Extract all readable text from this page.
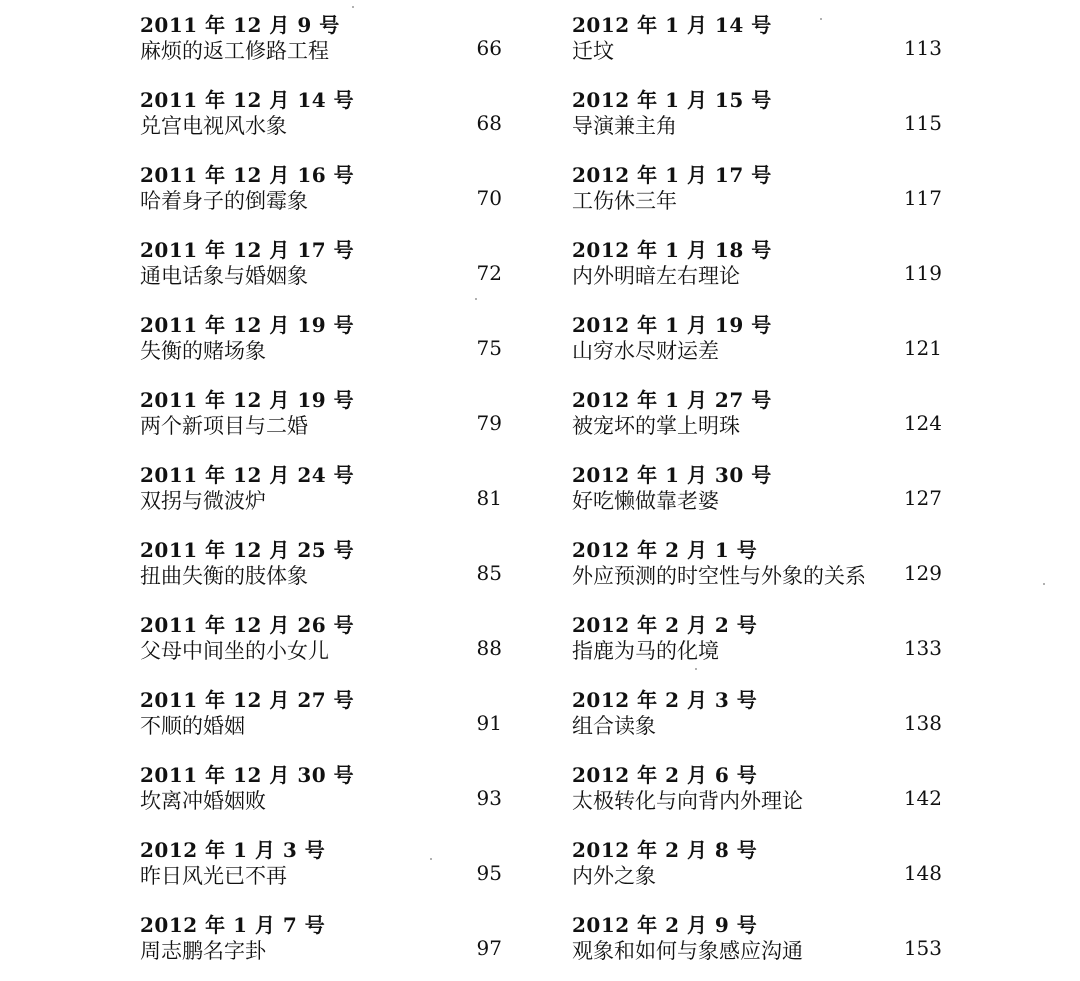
2011 年 12 月 9 号
麻烦的返工修路工程	66
2011 年 12 月 14 号
兑宫电视风水象	68
2011 年 12 月 16 号
哈着身子的倒霉象	70
2011 年 12 月 17 号
通电话象与婚姻象	72
2011 年 12 月 19 号
失衡的赌场象	75
2011 年 12 月 19 号
两个新项目与二婚	79
2011 年 12 月 24 号
双拐与微波炉	81
2011 年 12 月 25 号
扭曲失衡的肢体象	85
2011 年 12 月 26 号
父母中间坐的小女儿	88
2011 年 12 月 27 号
不顺的婚姻	91
2011 年 12 月 30 号
坎离冲婚姻败	93
2012 年 1 月 3 号
昨日风光已不再	95
2012 年 1 月 7 号
周志鹏名字卦	97
2012 年 1 月 14 号
迁坟	113
2012 年 1 月 15 号
导演兼主角	115
2012 年 1 月 17 号
工伤休三年	117
2012 年 1 月 18 号
内外明暗左右理论	119
2012 年 1 月 19 号
山穷水尽财运差	121
2012 年 1 月 27 号
被宠坏的掌上明珠	124
2012 年 1 月 30 号
好吃懒做靠老婆	127
2012 年 2 月 1 号
外应预测的时空性与外象的关系 129
2012 年 2 月 2 号
指鹿为马的化境	133
2012 年 2 月 3 号
组合读象	138
2012 年 2 月 6 号
太极转化与向背内外理论	142
2012 年 2 月 8 号
内外之象	148
2012 年 2 月 9 号
观象和如何与象感应沟通	153
